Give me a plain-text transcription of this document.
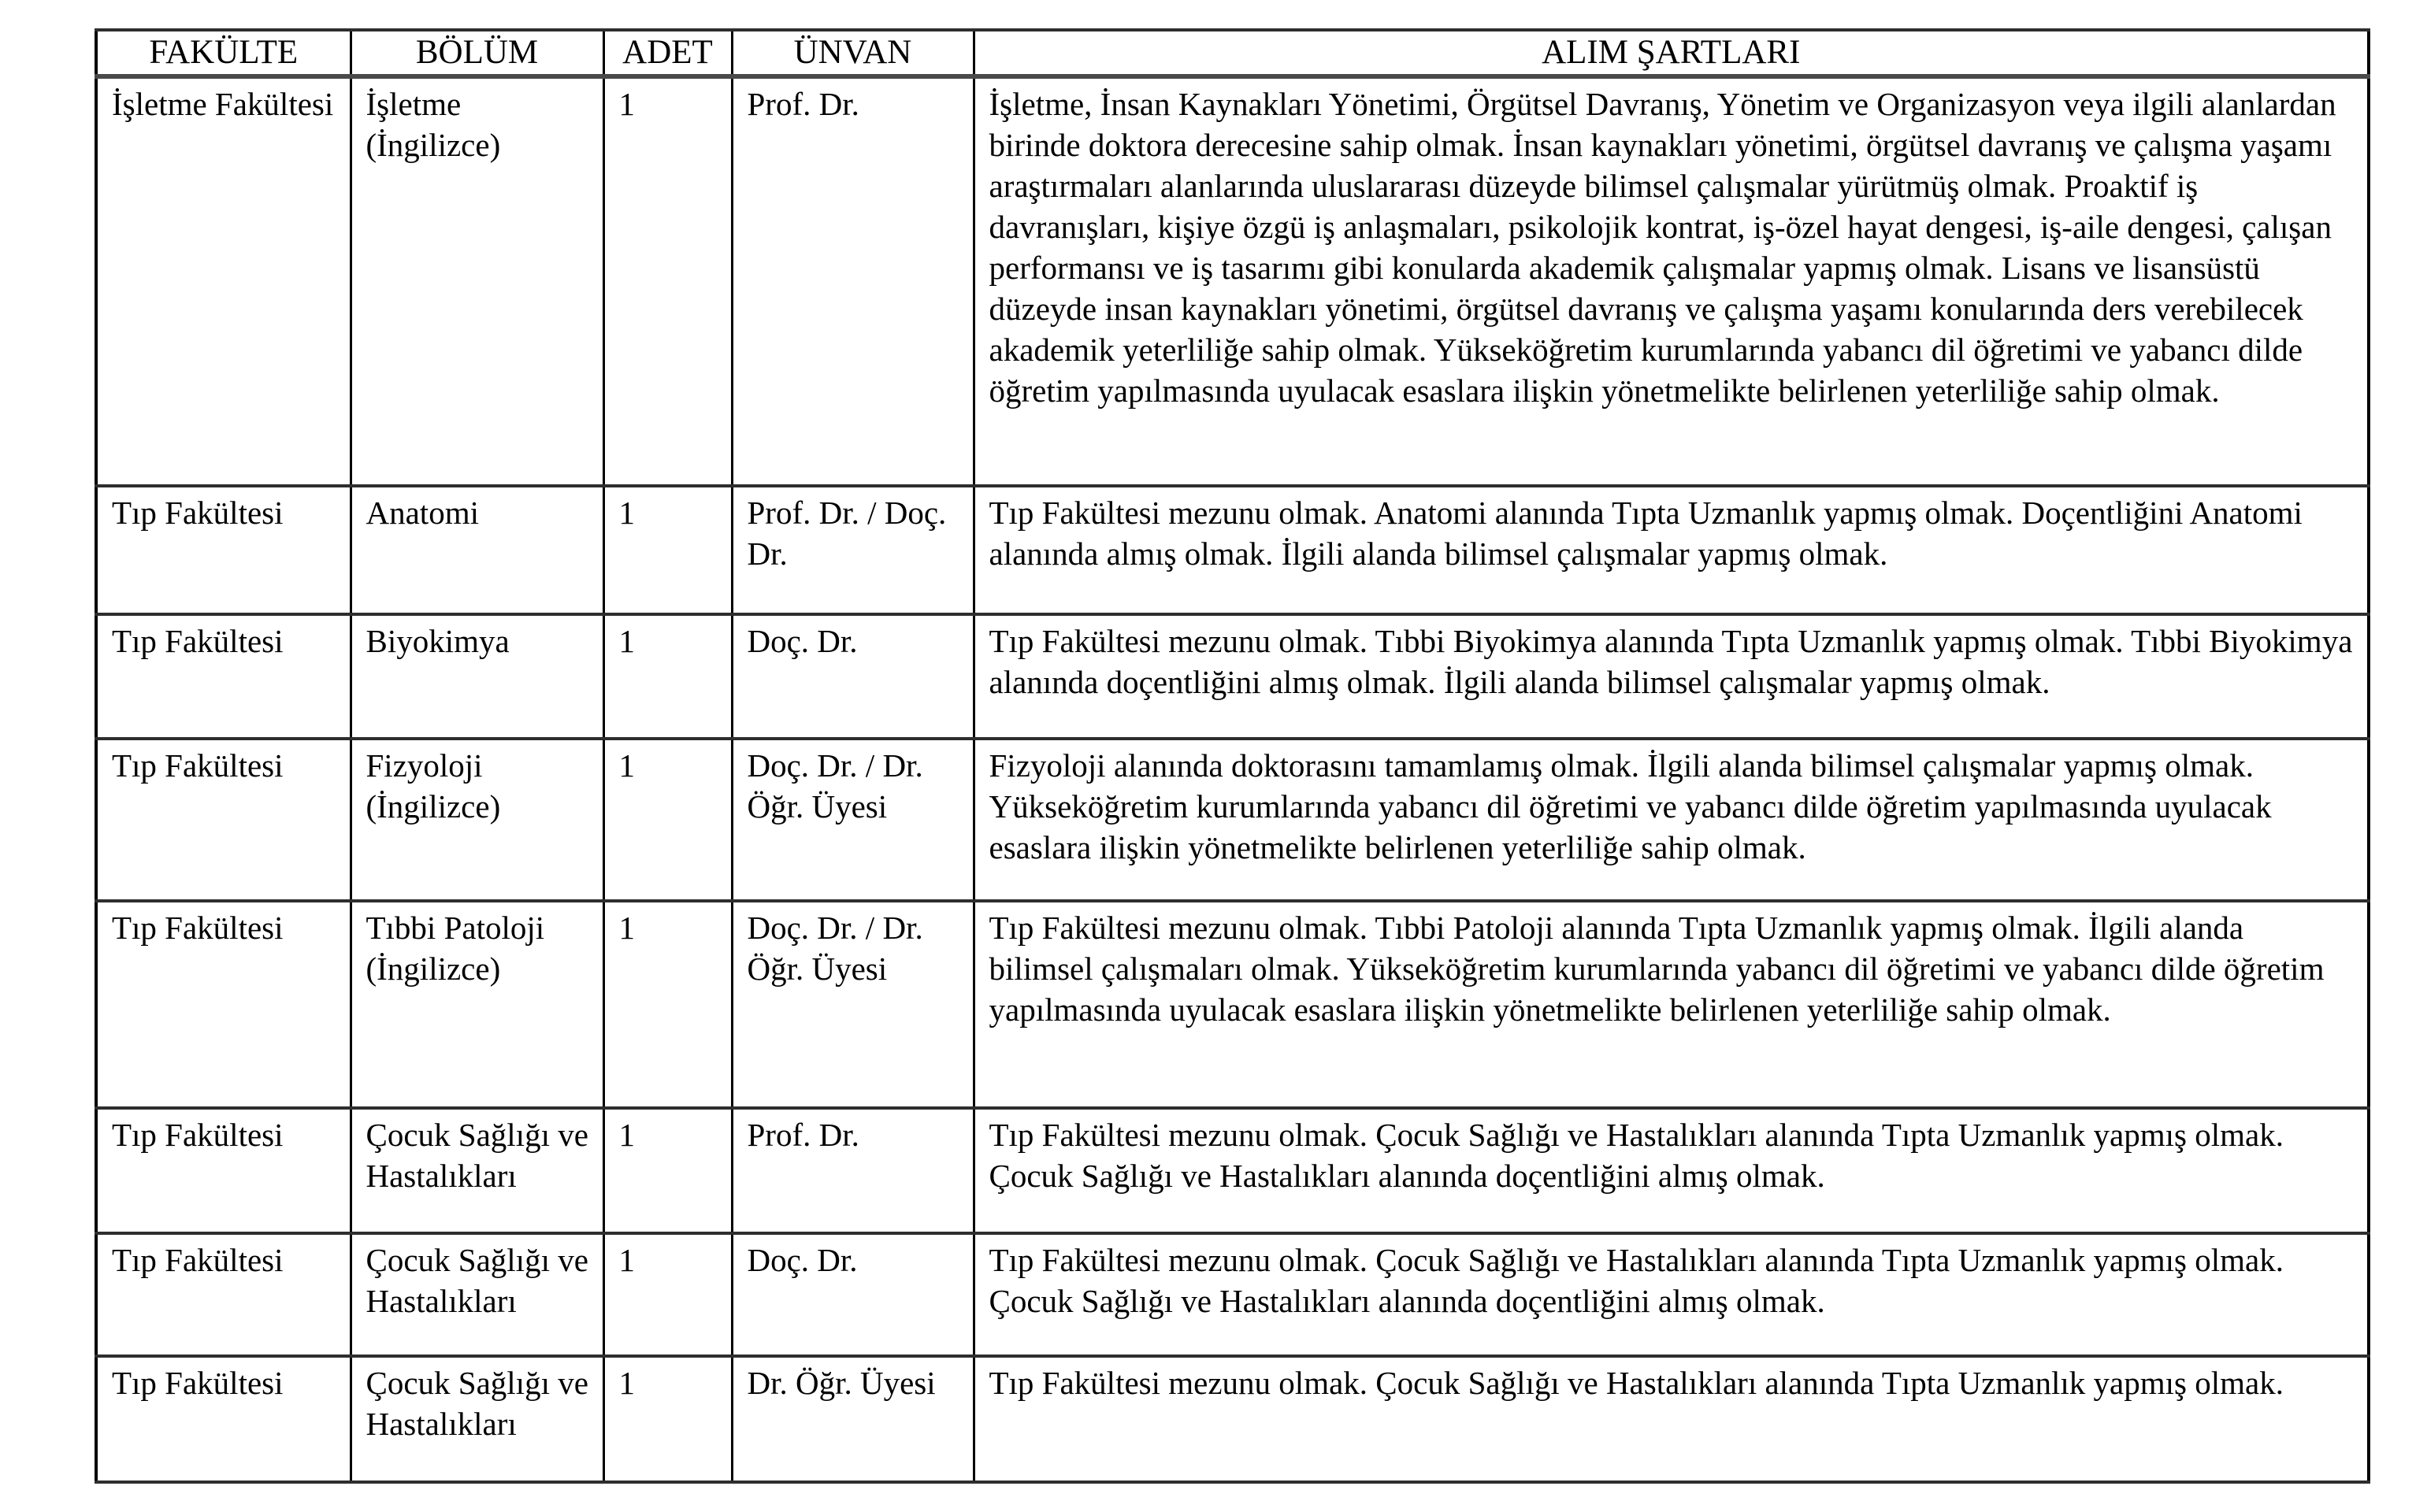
FAKÜLTE	BÖLÜM	ADET	ÜNVAN	ALIM ŞARTLARI
İşletme Fakültesi	İşletme (İngilizce)	1	Prof. Dr.	İşletme, İnsan Kaynakları Yönetimi, Örgütsel Davranış, Yönetim ve Organizasyon veya ilgili alanlardan birinde doktora derecesine sahip olmak. İnsan kaynakları yönetimi, örgütsel davranış ve çalışma yaşamı araştırmaları alanlarında uluslararası düzeyde bilimsel çalışmalar yürütmüş olmak. Proaktif iş davranışları, kişiye özgü iş anlaşmaları, psikolojik kontrat, iş-özel hayat dengesi, iş-aile dengesi, çalışan performansı ve iş tasarımı gibi konularda akademik çalışmalar yapmış olmak. Lisans ve lisansüstü düzeyde insan kaynakları yönetimi, örgütsel davranış ve çalışma yaşamı konularında ders verebilecek akademik yeterliliğe sahip olmak. Yükseköğretim kurumlarında yabancı dil öğretimi ve yabancı dilde öğretim yapılmasında uyulacak esaslara ilişkin yönetmelikte belirlenen yeterliliğe sahip olmak.
Tıp Fakültesi	Anatomi	1	Prof. Dr. / Doç. Dr.	Tıp Fakültesi mezunu olmak. Anatomi alanında Tıpta Uzmanlık yapmış olmak. Doçentliğini Anatomi alanında almış olmak. İlgili alanda bilimsel çalışmalar yapmış olmak.
Tıp Fakültesi	Biyokimya	1	Doç. Dr.	Tıp Fakültesi mezunu olmak. Tıbbi Biyokimya alanında Tıpta Uzmanlık yapmış olmak. Tıbbi Biyokimya alanında doçentliğini almış olmak. İlgili alanda bilimsel çalışmalar yapmış olmak.
Tıp Fakültesi	Fizyoloji (İngilizce)	1	Doç. Dr. / Dr. Öğr. Üyesi	Fizyoloji alanında doktorasını tamamlamış olmak. İlgili alanda bilimsel çalışmalar yapmış olmak. Yükseköğretim kurumlarında yabancı dil öğretimi ve yabancı dilde öğretim yapılmasında uyulacak esaslara ilişkin yönetmelikte belirlenen yeterliliğe sahip olmak.
Tıp Fakültesi	Tıbbi Patoloji (İngilizce)	1	Doç. Dr. / Dr. Öğr. Üyesi	Tıp Fakültesi mezunu olmak. Tıbbi Patoloji alanında Tıpta Uzmanlık yapmış olmak. İlgili alanda bilimsel çalışmaları olmak. Yükseköğretim kurumlarında yabancı dil öğretimi ve yabancı dilde öğretim yapılmasında uyulacak esaslara ilişkin yönetmelikte belirlenen yeterliliğe sahip olmak.
Tıp Fakültesi	Çocuk Sağlığı ve Hastalıkları	1	Prof. Dr.	Tıp Fakültesi mezunu olmak. Çocuk Sağlığı ve Hastalıkları alanında Tıpta Uzmanlık yapmış olmak. Çocuk Sağlığı ve Hastalıkları alanında doçentliğini almış olmak.
Tıp Fakültesi	Çocuk Sağlığı ve Hastalıkları	1	Doç. Dr.	Tıp Fakültesi mezunu olmak. Çocuk Sağlığı ve Hastalıkları alanında Tıpta Uzmanlık yapmış olmak. Çocuk Sağlığı ve Hastalıkları alanında doçentliğini almış olmak.
Tıp Fakültesi	Çocuk Sağlığı ve Hastalıkları	1	Dr. Öğr. Üyesi	Tıp Fakültesi mezunu olmak. Çocuk Sağlığı ve Hastalıkları alanında Tıpta Uzmanlık yapmış olmak.
